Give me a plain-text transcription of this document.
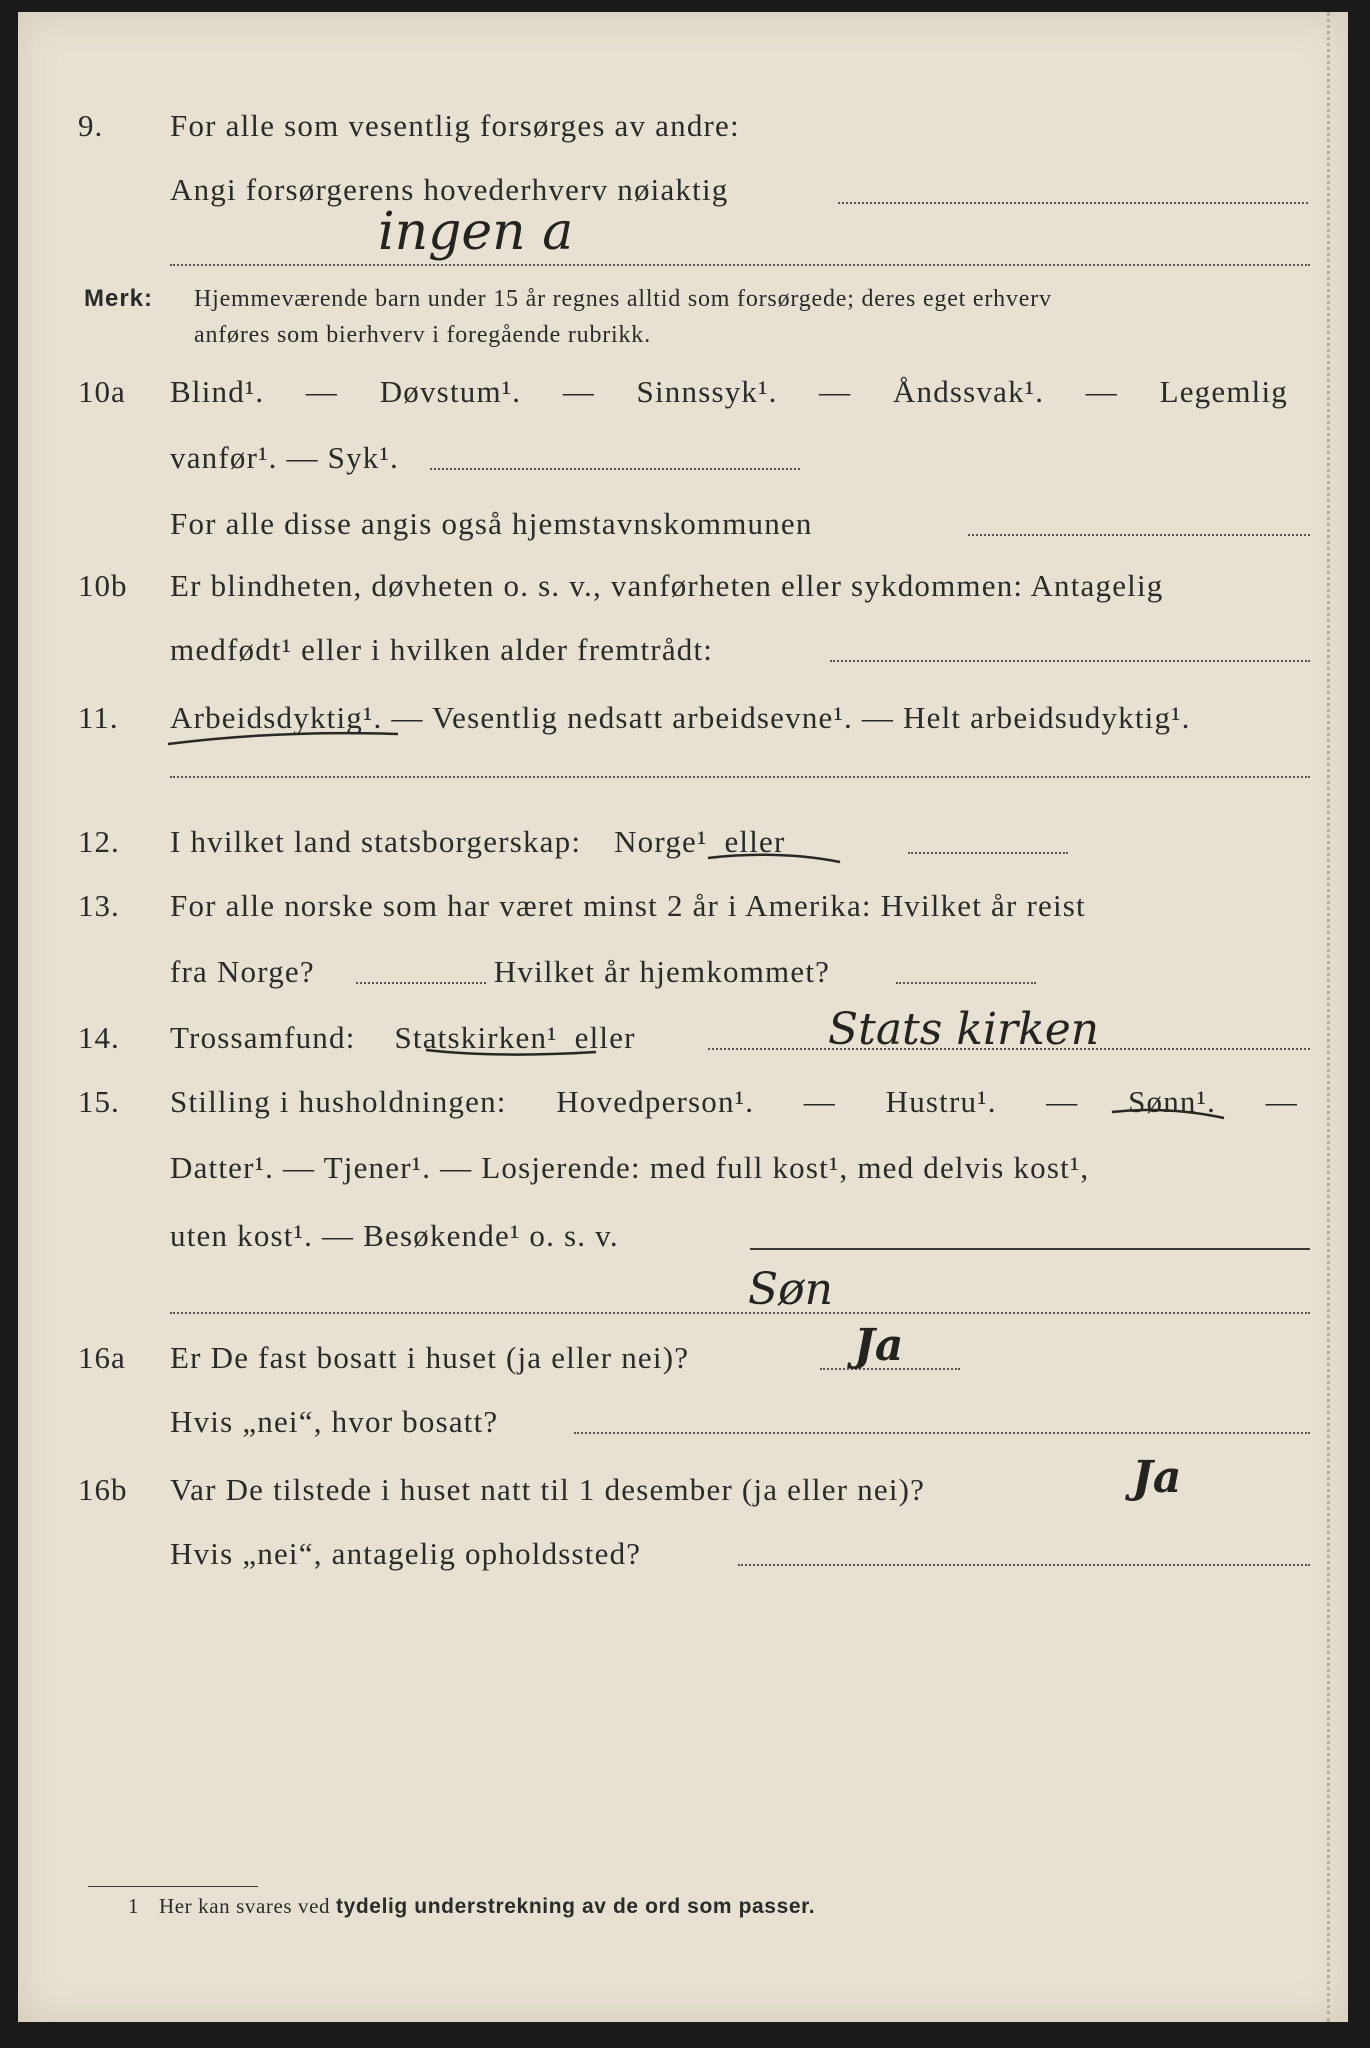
9.	For alle som vesentlig forsørges av andre:
Angi forsørgerens hovederhverv nøiaktig
ingen a
Merk:	Hjemmeværende barn under 15 år regnes alltid som forsørgede; deres eget erhverv
anføres som bierhverv i foregående rubrikk.
10a	Blind¹. — Døvstum¹. — Sinnssyk¹. — Åndssvak¹. — Legemlig
vanfør¹. — Syk¹.
For alle disse angis også hjemstavnskommunen
10b	Er blindheten, døvheten o. s. v., vanførheten eller sykdommen: Antagelig
medfødt¹ eller i hvilken alder fremtrådt:
11.	Arbeidsdyktig¹. — Vesentlig nedsatt arbeidsevne¹. — Helt arbeidsudyktig¹.
12.	I hvilket land statsborgerskap: Norge¹ eller
13.	For alle norske som har været minst 2 år i Amerika: Hvilket år reist
fra Norge?	Hvilket år hjemkommet?
14.	Trossamfund: Statskirken¹ eller	Stats kirken
15.	Stilling i husholdningen: Hovedperson¹. — Hustru¹. — Sønn¹. —
Datter¹. — Tjener¹. — Losjerende: med full kost¹, med delvis kost¹,
uten kost¹. — Besøkende¹ o. s. v.
Søn
16a	Er De fast bosatt i huset (ja eller nei)?	Ja
Hvis „nei“, hvor bosatt?
16b	Var De tilstede i huset natt til 1 desember (ja eller nei)?	Ja
Hvis „nei“, antagelig opholdssted?
1 Her kan svares ved tydelig understrekning av de ord som passer.
